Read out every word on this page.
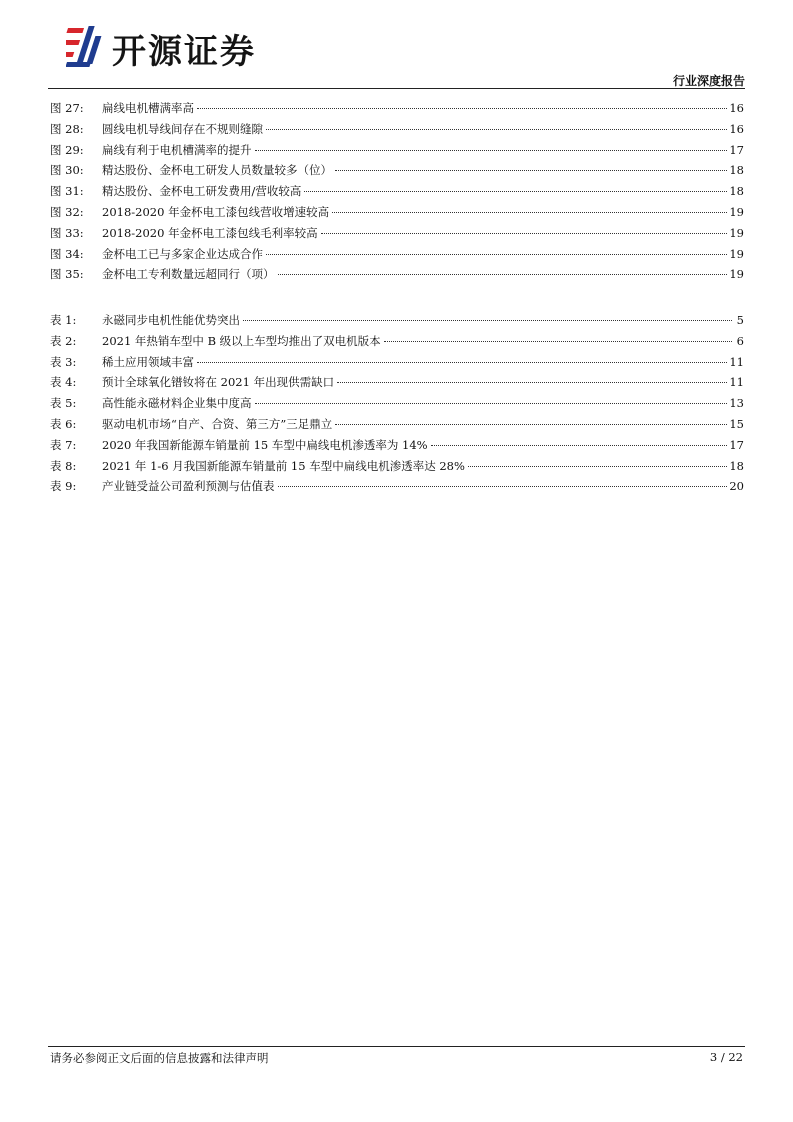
开源证券
行业深度报告
图 27:	扁线电机槽满率高	16
图 28:	圆线电机导线间存在不规则缝隙	16
图 29:	扁线有利于电机槽满率的提升	17
图 30:	精达股份、金杯电工研发人员数量较多（位）	18
图 31:	精达股份、金杯电工研发费用/营收较高	18
图 32:	2018-2020 年金杯电工漆包线营收增速较高	19
图 33:	2018-2020 年金杯电工漆包线毛利率较高	19
图 34:	金杯电工已与多家企业达成合作	19
图 35:	金杯电工专利数量远超同行（项）	19
表 1:	永磁同步电机性能优势突出	5
表 2:	2021 年热销车型中 B 级以上车型均推出了双电机版本	6
表 3:	稀土应用领域丰富	11
表 4:	预计全球氧化镨钕将在 2021 年出现供需缺口	11
表 5:	高性能永磁材料企业集中度高	13
表 6:	驱动电机市场“自产、合资、第三方”三足鼎立	15
表 7:	2020 年我国新能源车销量前 15 车型中扁线电机渗透率为 14%	17
表 8:	2021 年 1-6 月我国新能源车销量前 15 车型中扁线电机渗透率达 28%	18
表 9:	产业链受益公司盈利预测与估值表	20
请务必参阅正文后面的信息披露和法律声明	3 / 22
